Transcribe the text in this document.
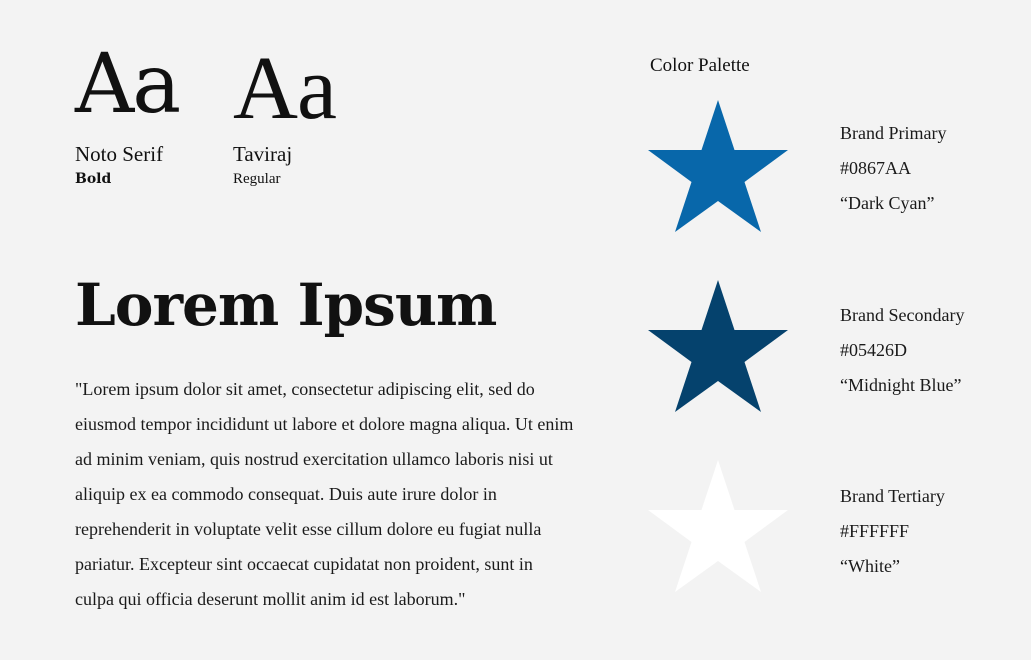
Aa
Noto Serif
Bold
Aa
Taviraj
Regular
Lorem Ipsum
"Lorem ipsum dolor sit amet, consectetur adipiscing elit, sed do eiusmod tempor incididunt ut labore et dolore magna aliqua. Ut enim ad minim veniam, quis nostrud exercitation ullamco laboris nisi ut aliquip ex ea commodo consequat. Duis aute irure dolor in reprehenderit in voluptate velit esse cillum dolore eu fugiat nulla pariatur. Excepteur sint occaecat cupidatat non proident, sunt in culpa qui officia deserunt mollit anim id est laborum."
Color Palette
Brand Primary
#0867AA
“Dark Cyan”
Brand Secondary
#05426D
“Midnight Blue”
Brand Tertiary
#FFFFFF
“White”
